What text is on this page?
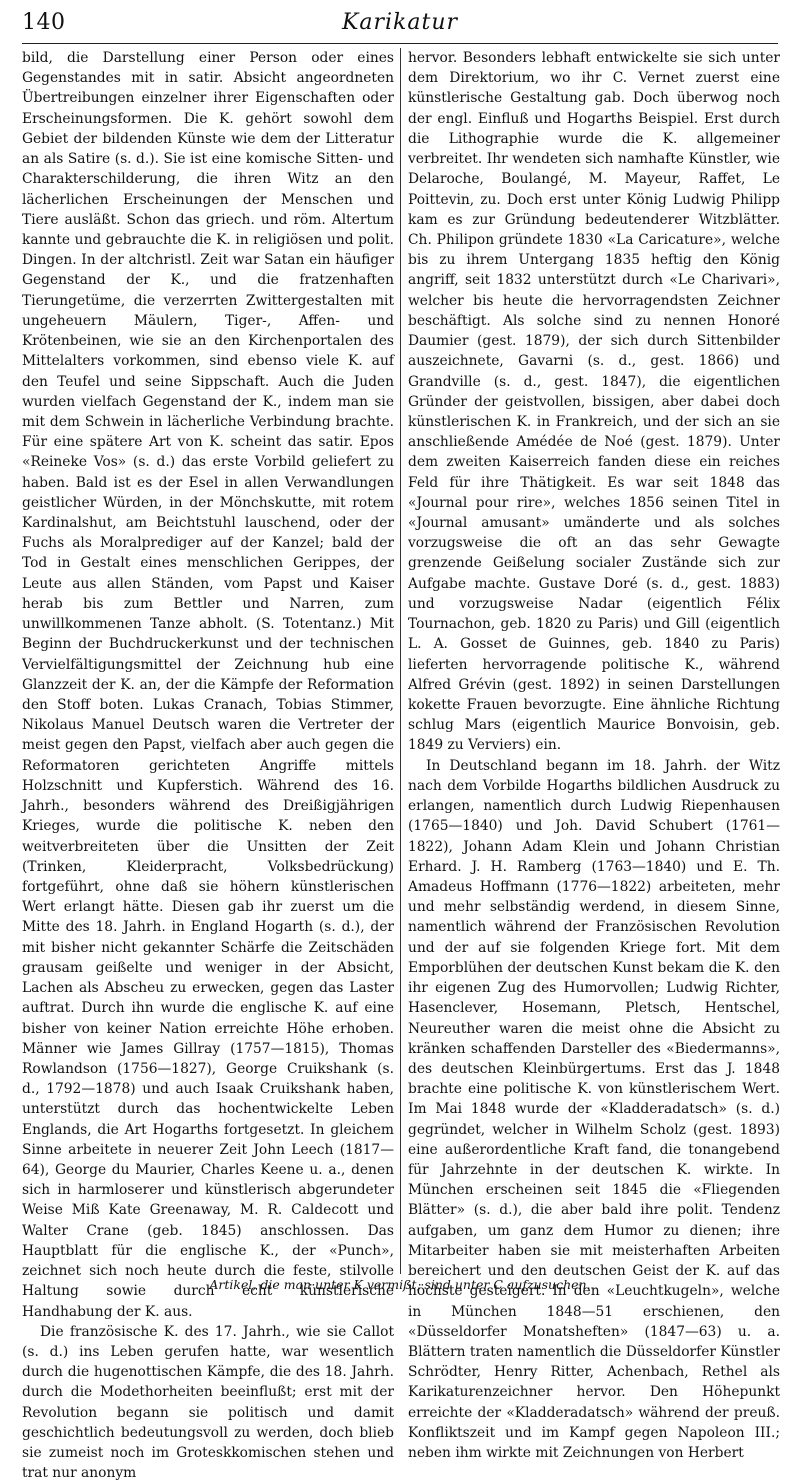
140	Karikatur

bild, die Darstellung einer Person oder eines Gegenstandes mit in satir. Absicht angeordneten Übertreibungen einzelner ihrer Eigenschaften oder Erscheinungsformen. Die K. gehört sowohl dem Gebiet der bildenden Künste wie dem der Litteratur an als Satire (s. d.). Sie ist eine komische Sitten- und Charakterschilderung, die ihren Witz an den lächerlichen Erscheinungen der Menschen und Tiere ausläßt. Schon das griech. und röm. Altertum kannte und gebrauchte die K. in religiösen und polit. Dingen. In der altchristl. Zeit war Satan ein häufiger Gegenstand der K., und die fratzenhaften Tierungetüme, die verzerrten Zwittergestalten mit ungeheuern Mäulern, Tiger-, Affen- und Krötenbeinen, wie sie an den Kirchenportalen des Mittelalters vorkommen, sind ebenso viele K. auf den Teufel und seine Sippschaft. Auch die Juden wurden vielfach Gegenstand der K., indem man sie mit dem Schwein in lächerliche Verbindung brachte. Für eine spätere Art von K. scheint das satir. Epos «Reineke Vos» (s. d.) das erste Vorbild geliefert zu haben. Bald ist es der Esel in allen Verwandlungen geistlicher Würden, in der Mönchskutte, mit rotem Kardinalshut, am Beichtstuhl lauschend, oder der Fuchs als Moralprediger auf der Kanzel; bald der Tod in Gestalt eines menschlichen Gerippes, der Leute aus allen Ständen, vom Papst und Kaiser herab bis zum Bettler und Narren, zum unwillkommenen Tanze abholt. (S. Totentanz.) Mit Beginn der Buchdruckerkunst und der technischen Vervielfältigungsmittel der Zeichnung hub eine Glanzzeit der K. an, der die Kämpfe der Reformation den Stoff boten. Lukas Cranach, Tobias Stimmer, Nikolaus Manuel Deutsch waren die Vertreter der meist gegen den Papst, vielfach aber auch gegen die Reformatoren gerichteten Angriffe mittels Holzschnitt und Kupferstich. Während des 16. Jahrh., besonders während des Dreißigjährigen Krieges, wurde die politische K. neben den weitverbreiteten über die Unsitten der Zeit (Trinken, Kleiderpracht, Volksbedrückung) fortgeführt, ohne daß sie höhern künstlerischen Wert erlangt hätte. Diesen gab ihr zuerst um die Mitte des 18. Jahrh. in England Hogarth (s. d.), der mit bisher nicht gekannter Schärfe die Zeitschäden grausam geißelte und weniger in der Absicht, Lachen als Abscheu zu erwecken, gegen das Laster auftrat. Durch ihn wurde die englische K. auf eine bisher von keiner Nation erreichte Höhe erhoben. Männer wie James Gillray (1757—1815), Thomas Rowlandson (1756—1827), George Cruikshank (s. d., 1792—1878) und auch Isaak Cruikshank haben, unterstützt durch das hochentwickelte Leben Englands, die Art Hogarths fortgesetzt. In gleichem Sinne arbeitete in neuerer Zeit John Leech (1817—64), George du Maurier, Charles Keene u. a., denen sich in harmloserer und künstlerisch abgerundeter Weise Miß Kate Greenaway, M. R. Caldecott und Walter Crane (geb. 1845) anschlossen. Das Hauptblatt für die englische K., der «Punch», zeichnet sich noch heute durch die feste, stilvolle Haltung sowie durch echt künstlerische Handhabung der K. aus.

Die französische K. des 17. Jahrh., wie sie Callot (s. d.) ins Leben gerufen hatte, war wesentlich durch die hugenottischen Kämpfe, die des 18. Jahrh. durch die Modethorheiten beeinflußt; erst mit der Revolution begann sie politisch und damit geschichtlich bedeutungsvoll zu werden, doch blieb sie zumeist noch im Groteskkomischen stehen und trat nur anonym

hervor. Besonders lebhaft entwickelte sie sich unter dem Direktorium, wo ihr C. Vernet zuerst eine künstlerische Gestaltung gab. Doch überwog noch der engl. Einfluß und Hogarths Beispiel. Erst durch die Lithographie wurde die K. allgemeiner verbreitet. Ihr wendeten sich namhafte Künstler, wie Delaroche, Boulangé, M. Mayeur, Raffet, Le Poittevin, zu. Doch erst unter König Ludwig Philipp kam es zur Gründung bedeutenderer Witzblätter. Ch. Philipon gründete 1830 «La Caricature», welche bis zu ihrem Untergang 1835 heftig den König angriff, seit 1832 unterstützt durch «Le Charivari», welcher bis heute die hervorragendsten Zeichner beschäftigt. Als solche sind zu nennen Honoré Daumier (gest. 1879), der sich durch Sittenbilder auszeichnete, Gavarni (s. d., gest. 1866) und Grandville (s. d., gest. 1847), die eigentlichen Gründer der geistvollen, bissigen, aber dabei doch künstlerischen K. in Frankreich, und der sich an sie anschließende Amédée de Noé (gest. 1879). Unter dem zweiten Kaiserreich fanden diese ein reiches Feld für ihre Thätigkeit. Es war seit 1848 das «Journal pour rire», welches 1856 seinen Titel in «Journal amusant» umänderte und als solches vorzugsweise die oft an das sehr Gewagte grenzende Geißelung socialer Zustände sich zur Aufgabe machte. Gustave Doré (s. d., gest. 1883) und vorzugsweise Nadar (eigentlich Félix Tournachon, geb. 1820 zu Paris) und Gill (eigentlich L. A. Gosset de Guinnes, geb. 1840 zu Paris) lieferten hervorragende politische K., während Alfred Grévin (gest. 1892) in seinen Darstellungen kokette Frauen bevorzugte. Eine ähnliche Richtung schlug Mars (eigentlich Maurice Bonvoisin, geb. 1849 zu Verviers) ein.

In Deutschland begann im 18. Jahrh. der Witz nach dem Vorbilde Hogarths bildlichen Ausdruck zu erlangen, namentlich durch Ludwig Riepenhausen (1765—1840) und Joh. David Schubert (1761—1822), Johann Adam Klein und Johann Christian Erhard. J. H. Ramberg (1763—1840) und E. Th. Amadeus Hoffmann (1776—1822) arbeiteten, mehr und mehr selbständig werdend, in diesem Sinne, namentlich während der Französischen Revolution und der auf sie folgenden Kriege fort. Mit dem Emporblühen der deutschen Kunst bekam die K. den ihr eigenen Zug des Humorvollen; Ludwig Richter, Hasenclever, Hosemann, Pletsch, Hentschel, Neureuther waren die meist ohne die Absicht zu kränken schaffenden Darsteller des «Biedermanns», des deutschen Kleinbürgertums. Erst das J. 1848 brachte eine politische K. von künstlerischem Wert. Im Mai 1848 wurde der «Kladderadatsch» (s. d.) gegründet, welcher in Wilhelm Scholz (gest. 1893) eine außerordentliche Kraft fand, die tonangebend für Jahrzehnte in der deutschen K. wirkte. In München erscheinen seit 1845 die «Fliegenden Blätter» (s. d.), die aber bald ihre polit. Tendenz aufgaben, um ganz dem Humor zu dienen; ihre Mitarbeiter haben sie mit meisterhaften Arbeiten bereichert und den deutschen Geist der K. auf das höchste gesteigert. In den «Leuchtkugeln», welche in München 1848—51 erschienen, den «Düsseldorfer Monatsheften» (1847—63) u. a. Blättern traten namentlich die Düsseldorfer Künstler Schrödter, Henry Ritter, Achenbach, Rethel als Karikaturenzeichner hervor. Den Höhepunkt erreichte der «Kladderadatsch» während der preuß. Konfliktszeit und im Kampf gegen Napoleon III.; neben ihm wirkte mit Zeichnungen von Herbert

Artikel, die man unter K vermißt, sind unter C aufzusuchen.
